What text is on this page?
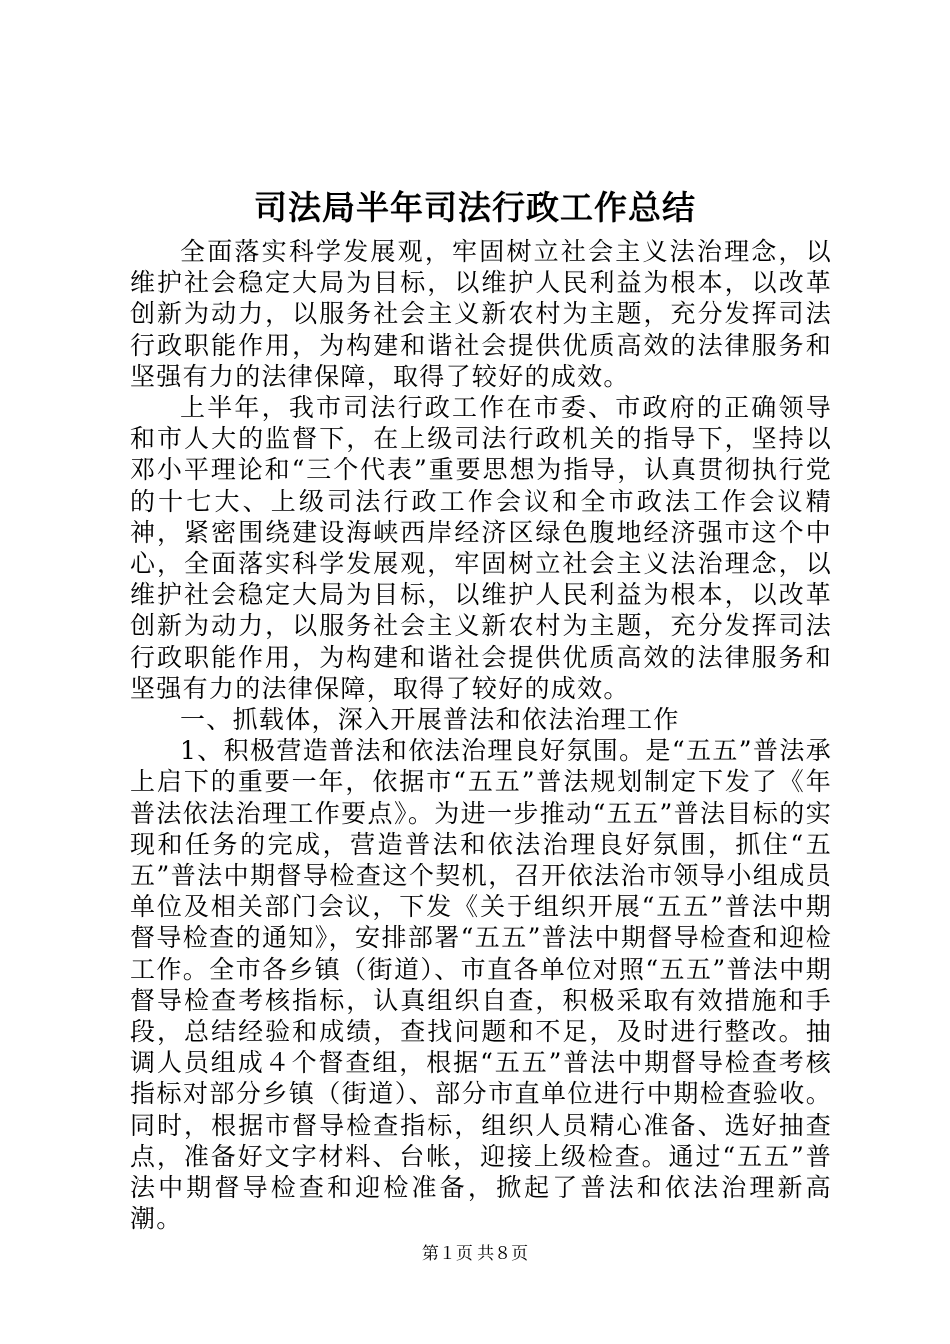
司法局半年司法行政工作总结

全面落实科学发展观，牢固树立社会主义法治理念，以维护社会稳定大局为目标，以维护人民利益为根本，以改革创新为动力，以服务社会主义新农村为主题，充分发挥司法行政职能作用，为构建和谐社会提供优质高效的法律服务和坚强有力的法律保障，取得了较好的成效。

上半年，我市司法行政工作在市委、市政府的正确领导和市人大的监督下，在上级司法行政机关的指导下，坚持以邓小平理论和“三个代表”重要思想为指导，认真贯彻执行党的十七大、上级司法行政工作会议和全市政法工作会议精神，紧密围绕建设海峡西岸经济区绿色腹地经济强市这个中心，全面落实科学发展观，牢固树立社会主义法治理念，以维护社会稳定大局为目标，以维护人民利益为根本，以改革创新为动力，以服务社会主义新农村为主题，充分发挥司法行政职能作用，为构建和谐社会提供优质高效的法律服务和坚强有力的法律保障，取得了较好的成效。

一、抓载体，深入开展普法和依法治理工作

1、积极营造普法和依法治理良好氛围。是“五五”普法承上启下的重要一年，依据市“五五”普法规划制定下发了《年普法依法治理工作要点》。为进一步推动“五五”普法目标的实现和任务的完成，营造普法和依法治理良好氛围，抓住“五五”普法中期督导检查这个契机，召开依法治市领导小组成员单位及相关部门会议，下发《关于组织开展“五五”普法中期督导检查的通知》，安排部署“五五”普法中期督导检查和迎检工作。全市各乡镇（街道）、市直各单位对照“五五”普法中期督导检查考核指标，认真组织自查，积极采取有效措施和手段，总结经验和成绩，查找问题和不足，及时进行整改。抽调人员组成４个督查组，根据“五五”普法中期督导检查考核指标对部分乡镇（街道）、部分市直单位进行中期检查验收。同时，根据市督导检查指标，组织人员精心准备、选好抽查点，准备好文字材料、台帐，迎接上级检查。通过“五五”普法中期督导检查和迎检准备，掀起了普法和依法治理新高潮。

第１页 共８页
